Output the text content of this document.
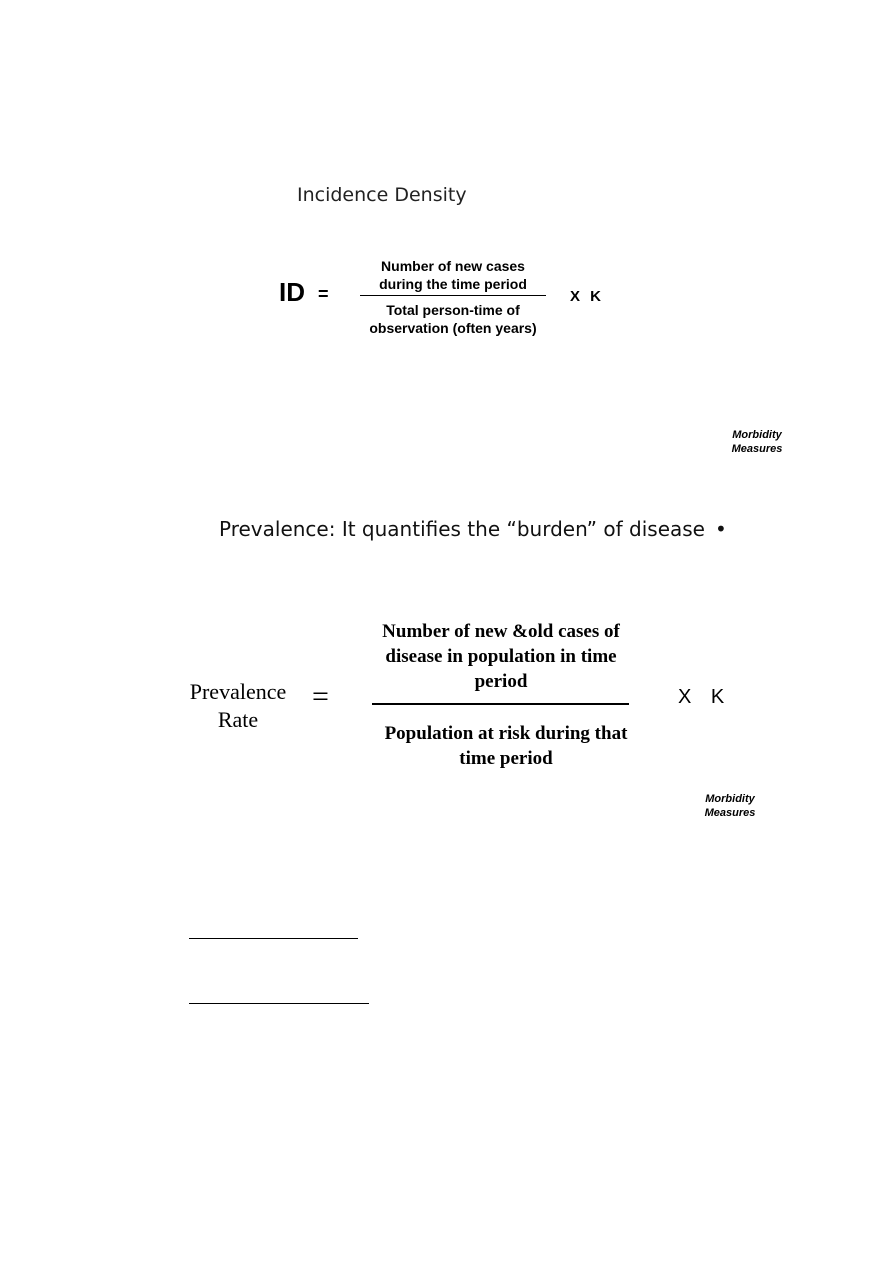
Incidence Density
ID =
Number of new cases during the time period
Total person-time of observation (often years)
X K
Morbidity Measures
Prevalence: It quantifies the “burden” of disease •
Prevalence Rate
=
Number of new &old cases of disease in population in time period
Population at risk during that time period
X K
Morbidity Measures
